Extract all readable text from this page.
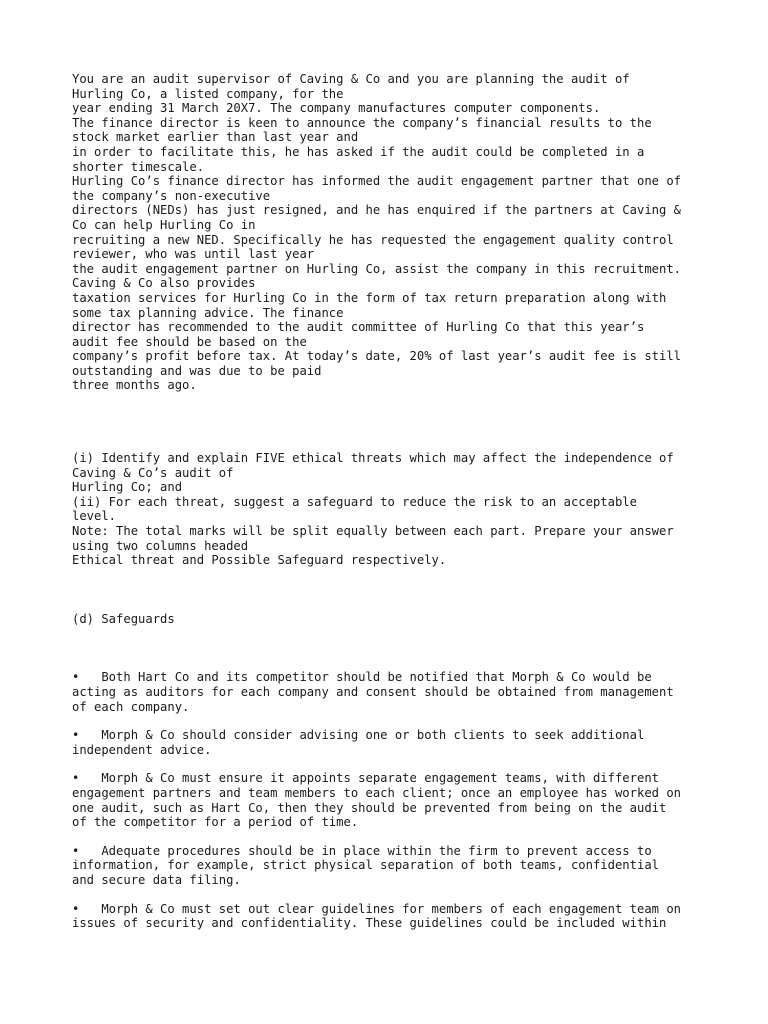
You are an audit supervisor of Caving & Co and you are planning the audit of
Hurling Co, a listed company, for the
year ending 31 March 20X7. The company manufactures computer components.
The finance director is keen to announce the company’s financial results to the
stock market earlier than last year and
in order to facilitate this, he has asked if the audit could be completed in a
shorter timescale.
Hurling Co’s finance director has informed the audit engagement partner that one of
the company’s non-executive
directors (NEDs) has just resigned, and he has enquired if the partners at Caving &
Co can help Hurling Co in
recruiting a new NED. Specifically he has requested the engagement quality control
reviewer, who was until last year
the audit engagement partner on Hurling Co, assist the company in this recruitment.
Caving & Co also provides
taxation services for Hurling Co in the form of tax return preparation along with
some tax planning advice. The finance
director has recommended to the audit committee of Hurling Co that this year’s
audit fee should be based on the
company’s profit before tax. At today’s date, 20% of last year’s audit fee is still
outstanding and was due to be paid
three months ago.
(i) Identify and explain FIVE ethical threats which may affect the independence of
Caving & Co’s audit of
Hurling Co; and
(ii) For each threat, suggest a safeguard to reduce the risk to an acceptable
level.
Note: The total marks will be split equally between each part. Prepare your answer
using two columns headed
Ethical threat and Possible Safeguard respectively.
(d) Safeguards
•   Both Hart Co and its competitor should be notified that Morph & Co would be
acting as auditors for each company and consent should be obtained from management
of each company.
•   Morph & Co should consider advising one or both clients to seek additional
independent advice.
•   Morph & Co must ensure it appoints separate engagement teams, with different
engagement partners and team members to each client; once an employee has worked on
one audit, such as Hart Co, then they should be prevented from being on the audit
of the competitor for a period of time.
•   Adequate procedures should be in place within the firm to prevent access to
information, for example, strict physical separation of both teams, confidential
and secure data filing.
•   Morph & Co must set out clear guidelines for members of each engagement team on
issues of security and confidentiality. These guidelines could be included within
